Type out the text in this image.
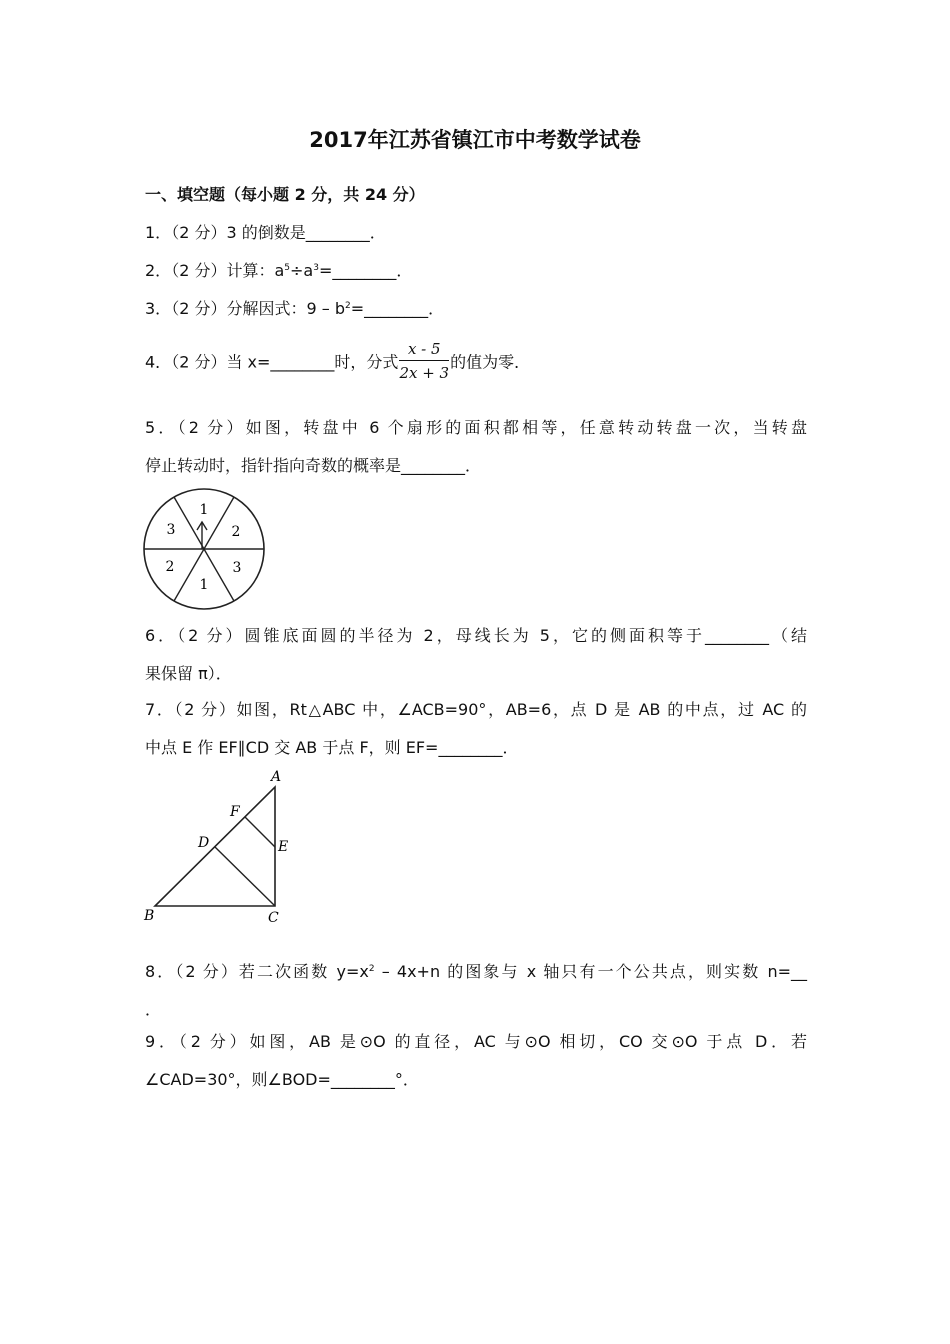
2017年江苏省镇江市中考数学试卷
一、填空题（每小题 2 分，共 24 分）
1．（2 分）3 的倒数是________．
2．（2 分）计算：$a^5\div a^3=\_\_\_\_\_\_\_\_$．
3．（2 分）分解因式：$9 - b^2=\_\_\_\_\_\_\_\_$．
4．（2 分）当 x=________时，分式 $\frac{x - 5}{2x + 3}$ 的值为零．
5．（2 分）如图，转盘中 6 个扇形的面积都相等，任意转动转盘一次，当转盘
停止转动时，指针指向奇数的概率是________．
1
2
3
1
2
3
6．（2 分）圆锥底面圆的半径为 2，母线长为 5，它的侧面积等于________（结
果保留 π）．
7．（2 分）如图，Rt△ABC 中，∠ACB=90°，AB=6，点 D 是 AB 的中点，过 AC 的
中点 E 作 EF∥CD 交 AB 于点 F，则 EF=________．
A
B	C
D	E
F
8．（2 分）若二次函数 $y=x^2 - 4x+n$ 的图象与 x 轴只有一个公共点，则实数 n=__
．
9．（2 分）如图，AB 是⊙O 的直径，AC 与⊙O 相切，CO 交⊙O 于点 D．若
∠CAD=30°，则∠BOD=________°．
